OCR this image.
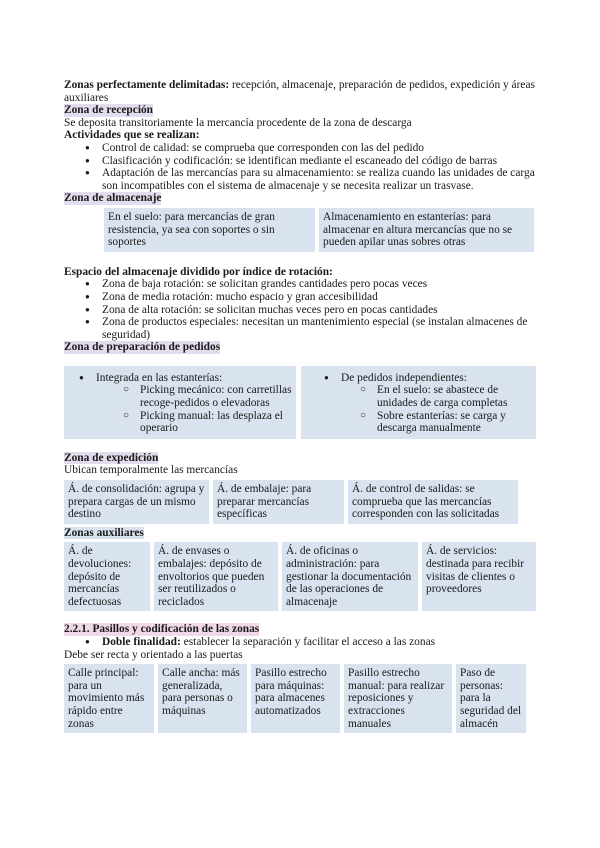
Zonas perfectamente delimitadas: recepción, almacenaje, preparación de pedidos, expedición y áreas auxiliares

Zona de recepción

Se deposita transitoriamente la mercancía procedente de la zona de descarga

Actividades que se realizan:

● Control de calidad: se comprueba que corresponden con las del pedido
● Clasificación y codificación: se identifican mediante el escaneado del código de barras
● Adaptación de las mercancías para su almacenamiento: se realiza cuando las unidades de carga son incompatibles con el sistema de almacenaje y se necesita realizar un trasvase.
Zona de almacenaje
En el suelo: para mercancías de gran resistencia, ya sea con soportes o sin soportes
Almacenamiento en estanterías: para almacenar en altura mercancías que no se pueden apilar unas sobres otras

Espacio del almacenaje dividido por índice de rotación:

● Zona de baja rotación: se solicitan grandes cantidades pero pocas veces
● Zona de media rotación: mucho espacio y gran accesibilidad
● Zona de alta rotación: se solicitan muchas veces pero en pocas cantidades
● Zona de productos especiales: necesitan un mantenimiento especial (se instalan almacenes de seguridad)
Zona de preparación de pedidos
● Integrada en las estanterías:
○ Picking mecánico: con carretillas recoge-pedidos o elevadoras
○ Picking manual: las desplaza el operario
● De pedidos independientes:
○ En el suelo: se abastece de unidades de carga completas
○ Sobre estanterías: se carga y descarga manualmente
Zona de expedición

Ubican temporalmente las mercancías

Á. de consolidación: agrupa y prepara cargas de un mismo destino
Á. de embalaje: para preparar mercancías específicas
Á. de control de salidas: se comprueba que las mercancías corresponden con las solicitadas
Zonas auxiliares
Á. de devoluciones: depósito de mercancías defectuosas
Á. de envases o embalajes: depósito de envoltorios que pueden ser reutilizados o reciclados
Á. de oficinas o administración: para gestionar la documentación de las operaciones de almacenaje
Á. de servicios: destinada para recibir visitas de clientes o proveedores
2.2.1. Pasillos y codificación de las zonas
● Doble finalidad: establecer la separación y facilitar el acceso a las zonas

Debe ser recta y orientado a las puertas

Calle principal: para un movimiento más rápido entre zonas
Calle ancha: más generalizada, para personas o máquinas
Pasillo estrecho para máquinas: para almacenes automatizados
Pasillo estrecho manual: para realizar reposiciones y extracciones manuales
Paso de personas: para la seguridad del almacén
